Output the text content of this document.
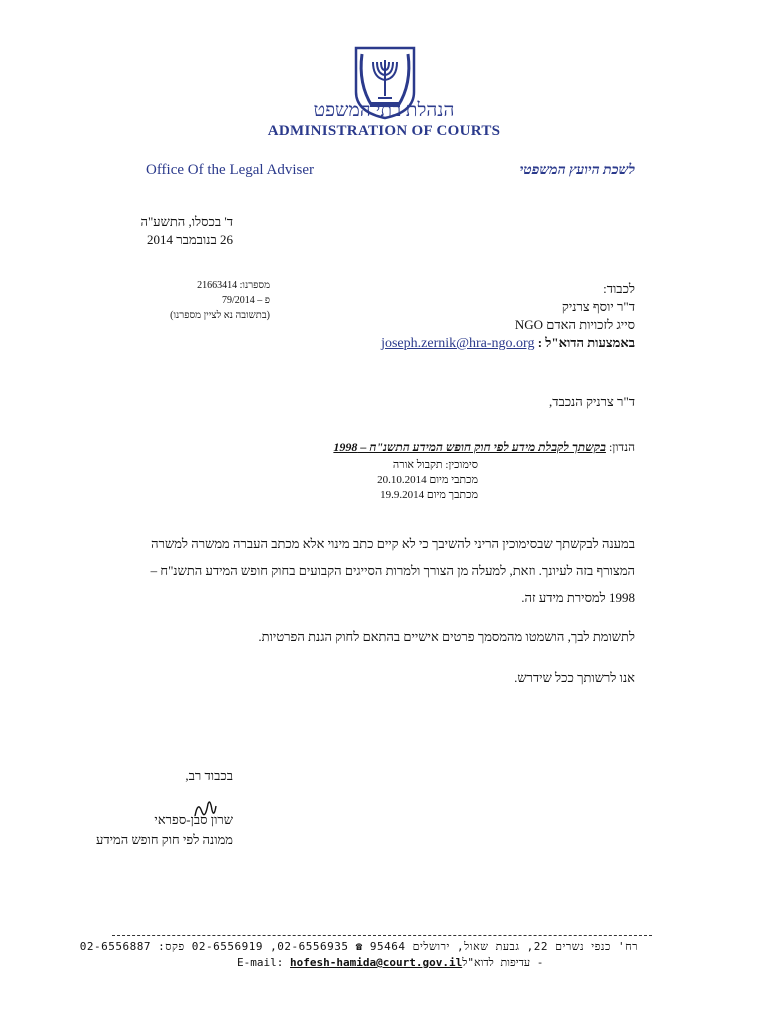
הנהלת בתי המשפט
ADMINISTRATION OF COURTS
Office Of the Legal Adviser	לשכת היועץ המשפטי
ד' בכסלו, התשע"ה
26 בנובמבר 2014
מספרנו: 21663414
פ – 79/2014
(בתשובה נא לציין מספרנו)
לכבוד:
ד"ר יוסף צרניק
סייג לזכויות האדם NGO
באמצעות הדוא"ל : joseph.zernik@hra-ngo.org
ד"ר צרניק הנכבד,
הנדון: בקשתך לקבלת מידע לפי חוק חופש המידע התשנ"ח – 1998
סימוכין: תקבול אורה
מכתבי מיום 20.10.2014
מכתבך מיום 19.9.2014
במענה לבקשתך שבסימוכין הריני להשיבך כי לא קיים כתב מינוי אלא מכתב העברה ממשרה למשרה המצורף בזה לעיונך. וזאת, למעלה מן הצורך ולמרות הסייגים הקבועים בחוק חופש המידע התשנ"ח – 1998 למסירת מידע זה.
לתשומת לבך, הושמטו מהמסמך פרטים אישיים בהתאם לחוק הגנת הפרטיות.
אנו לרשותך ככל שידרש.
בכבוד רב,
שרון סבן-ספראי
ממונה לפי חוק חופש המידע
רח' כנפי נשרים 22, גבעת שאול, ירושלים 95464 ☎ 02-6556935, 02-6556919 פקס: 02-6556887
E-mail: hofesh-hamida@court.gov.il - עדיפות לדוא"ל
